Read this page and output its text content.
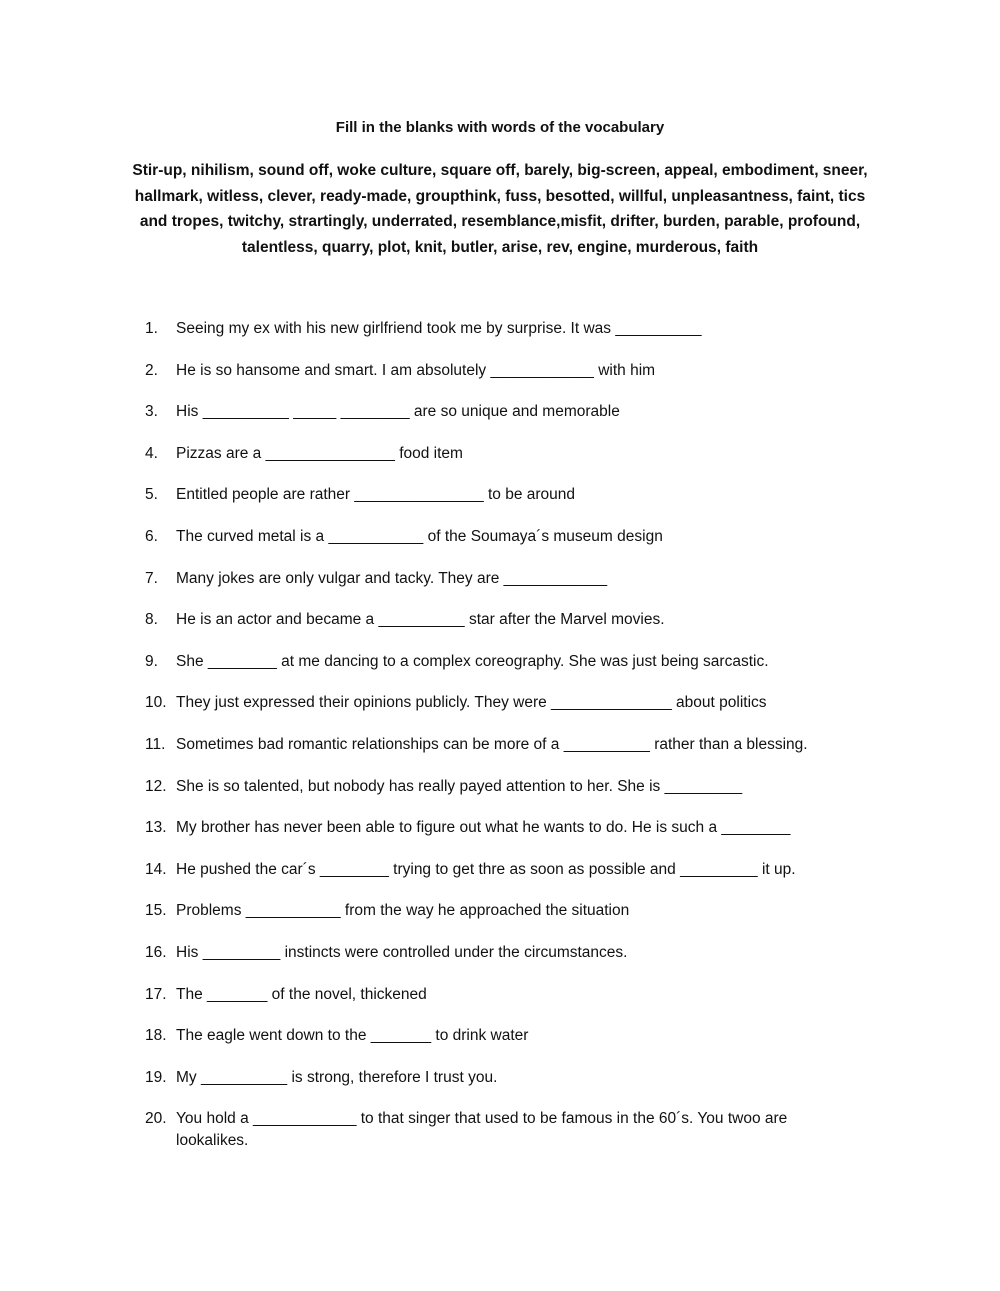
Fill in the blanks with words of the vocabulary
Stir-up, nihilism, sound off, woke culture, square off, barely, big-screen, appeal, embodiment, sneer, hallmark, witless, clever, ready-made, groupthink, fuss, besotted, willful, unpleasantness, faint, tics and tropes, twitchy, strartingly, underrated, resemblance,misfit, drifter, burden, parable, profound, talentless, quarry, plot, knit, butler, arise, rev, engine, murderous, faith
1.	Seeing my ex with his new girlfriend took me by surprise. It was __________
2.	He is so hansome and smart. I am absolutely ____________ with him
3.	His __________ _____ ________ are so unique and memorable
4.	Pizzas are a _______________ food item
5.	Entitled people are rather _______________ to be around
6.	The curved metal is a ___________ of the Soumaya´s museum design
7.	Many jokes are only vulgar and tacky. They are ____________
8.	He is an actor and became a __________ star after the Marvel movies.
9.	She ________ at me dancing to a complex coreography. She was just being sarcastic.
10. They just expressed their opinions publicly. They were ______________ about politics
11. Sometimes bad romantic relationships can be more of a __________ rather than a blessing.
12. She is so talented, but nobody has really payed attention to her. She is _________
13. My brother has never been able to figure out what he wants to do. He is such a ________
14. He pushed the car´s ________ trying to get thre as soon as possible and _________ it up.
15. Problems ___________ from the way he approached the situation
16. His _________ instincts were controlled under the circumstances.
17. The _______ of the novel, thickened
18. The eagle went down to the _______ to drink water
19. My __________ is strong, therefore I trust you.
20. You hold a ____________ to that singer that used to be famous in the 60´s. You twoo are lookalikes.
